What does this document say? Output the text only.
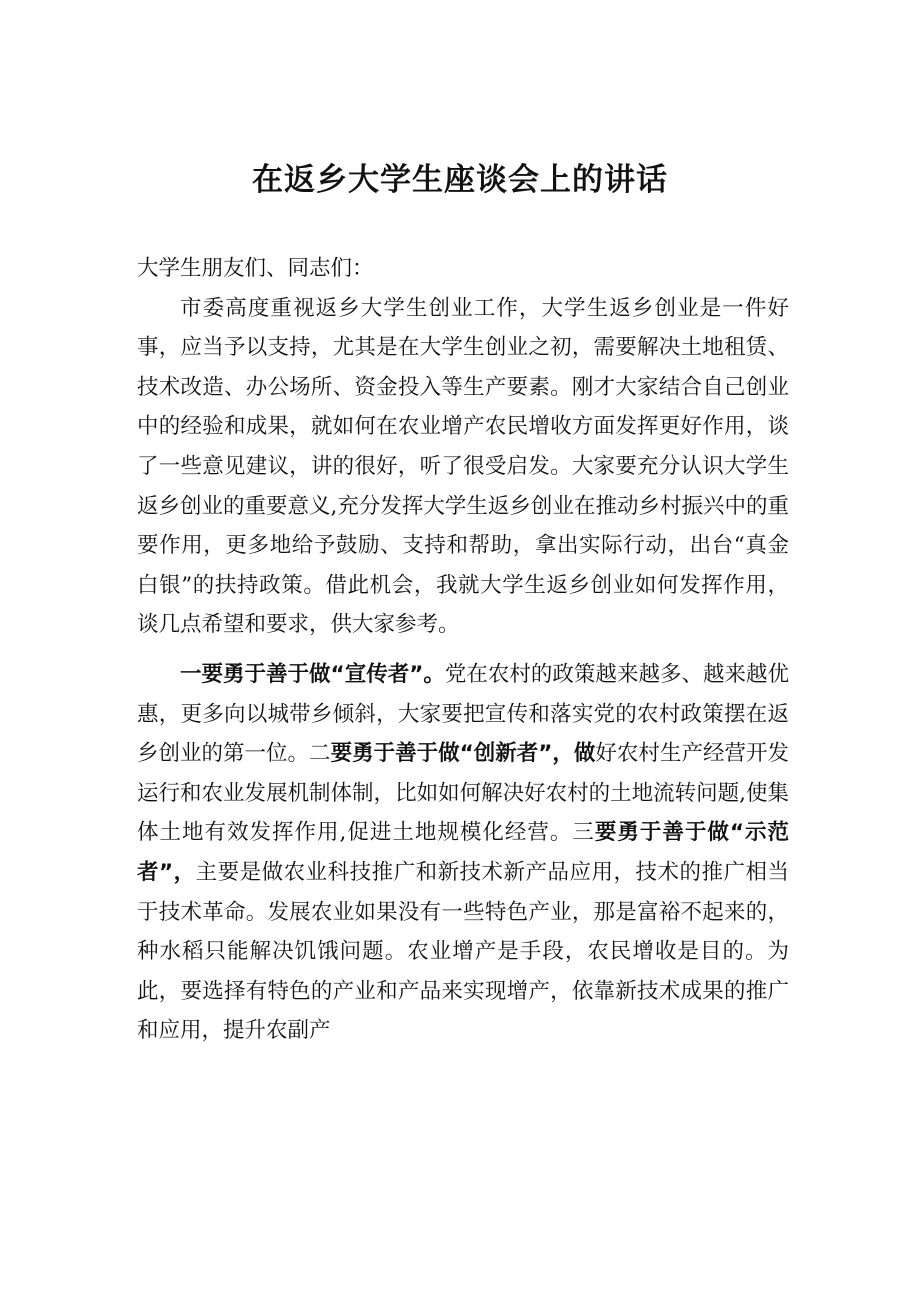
在返乡大学生座谈会上的讲话

大学生朋友们、同志们：

市委高度重视返乡大学生创业工作，大学生返乡创业是一件好事，应当予以支持，尤其是在大学生创业之初，需要解决土地租赁、技术改造、办公场所、资金投入等生产要素。刚才大家结合自己创业中的经验和成果，就如何在农业增产农民增收方面发挥更好作用，谈了一些意见建议，讲的很好，听了很受启发。大家要充分认识大学生返乡创业的重要意义,充分发挥大学生返乡创业在推动乡村振兴中的重要作用，更多地给予鼓励、支持和帮助，拿出实际行动，出台“真金白银”的扶持政策。借此机会，我就大学生返乡创业如何发挥作用，谈几点希望和要求，供大家参考。

一要勇于善于做“宣传者”。党在农村的政策越来越多、越来越优惠，更多向以城带乡倾斜，大家要把宣传和落实党的农村政策摆在返乡创业的第一位。二要勇于善于做“创新者”，做好农村生产经营开发运行和农业发展机制体制，比如如何解决好农村的土地流转问题,使集体土地有效发挥作用,促进土地规模化经营。三要勇于善于做“示范者”，主要是做农业科技推广和新技术新产品应用，技术的推广相当于技术革命。发展农业如果没有一些特色产业，那是富裕不起来的，种水稻只能解决饥饿问题。农业增产是手段，农民增收是目的。为此，要选择有特色的产业和产品来实现增产，依靠新技术成果的推广和应用，提升农副产
